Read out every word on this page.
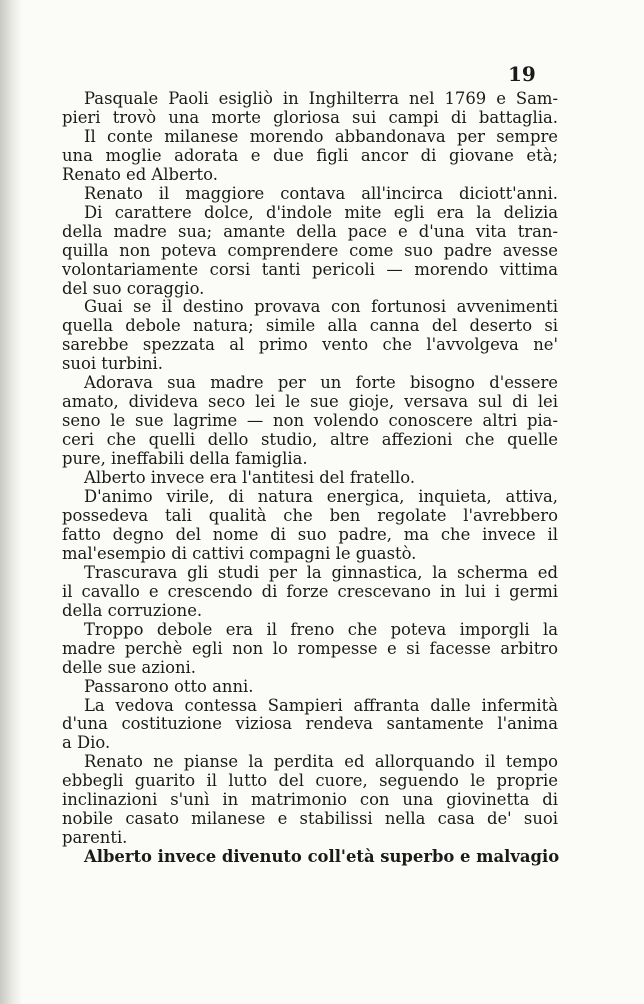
19
Pasquale Paoli esigliò in Inghilterra nel 1769 e Sam-
pieri trovò una morte gloriosa sui campi di battaglia.
Il conte milanese morendo abbandonava per sempre
una moglie adorata e due figli ancor di giovane età;
Renato ed Alberto.
Renato il maggiore contava all'incirca diciott'anni.
Di carattere dolce, d'indole mite egli era la delizia
della madre sua; amante della pace e d'una vita tran-
quilla non poteva comprendere come suo padre avesse
volontariamente corsi tanti pericoli — morendo vittima
del suo coraggio.
Guai se il destino provava con fortunosi avvenimenti
quella debole natura; simile alla canna del deserto si
sarebbe spezzata al primo vento che l'avvolgeva ne'
suoi turbini.
Adorava sua madre per un forte bisogno d'essere
amato, divideva seco lei le sue gioje, versava sul di lei
seno le sue lagrime — non volendo conoscere altri pia-
ceri che quelli dello studio, altre affezioni che quelle
pure, ineffabili della famiglia.
Alberto invece era l'antitesi del fratello.
D'animo virile, di natura energica, inquieta, attiva,
possedeva tali qualità che ben regolate l'avrebbero
fatto degno del nome di suo padre, ma che invece il
mal'esempio di cattivi compagni le guastò.
Trascurava gli studi per la ginnastica, la scherma ed
il cavallo e crescendo di forze crescevano in lui i germi
della corruzione.
Troppo debole era il freno che poteva imporgli la
madre perchè egli non lo rompesse e si facesse arbitro
delle sue azioni.
Passarono otto anni.
La vedova contessa Sampieri affranta dalle infermità
d'una costituzione viziosa rendeva santamente l'anima
a Dio.
Renato ne pianse la perdita ed allorquando il tempo
ebbegli guarito il lutto del cuore, seguendo le proprie
inclinazioni s'unì in matrimonio con una giovinetta di
nobile casato milanese e stabilissi nella casa de' suoi
parenti.
Alberto invece divenuto coll'età superbo e malvagio
